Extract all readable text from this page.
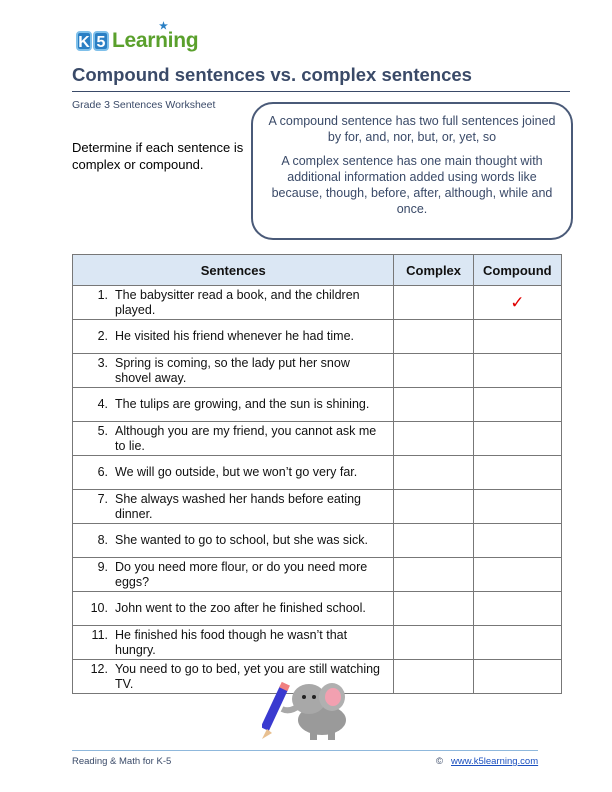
K 5 Learning
★
Compound sentences vs. complex sentences
Grade 3 Sentences Worksheet
Determine if each sentence is complex or compound.

A compound sentence has two full sentences joined by for, and, nor, but, or, yet, so

A complex sentence has one main thought with additional information added using words like because, though, before, after, although, while and once.

Sentences	Complex	Compound

1. The babysitter read a book, and the children played.		✓

2. He visited his friend whenever he had time.		

3. Spring is coming, so the lady put her snow shovel away.		

4. The tulips are growing, and the sun is shining.		

5. Although you are my friend, you cannot ask me to lie.		

6. We will go outside, but we won’t go very far.		

7. She always washed her hands before eating dinner.		

8. She wanted to go to school, but she was sick.		

9. Do you need more flour, or do you need more eggs?		

10. John went to the zoo after he finished school.		

11. He finished his food though he wasn’t that hungry.		

12. You need to go to bed, yet you are still watching TV.		

Reading & Math for K-5	© www.k5learning.com
